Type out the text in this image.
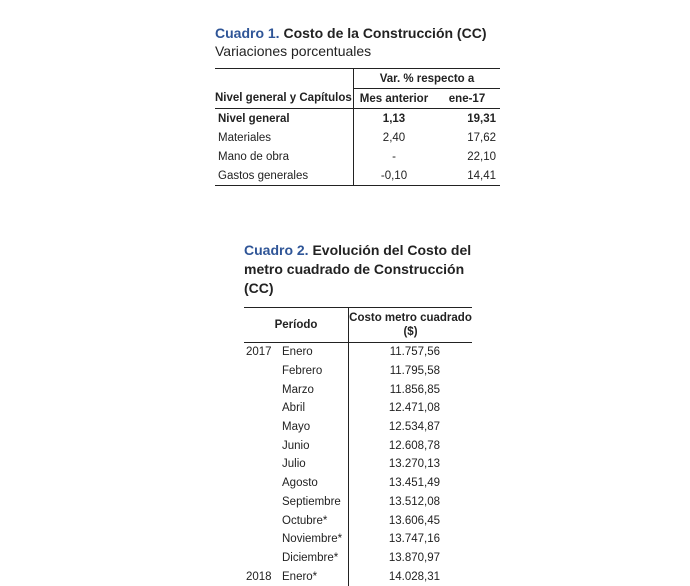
Cuadro 1. Costo de la Construcción (CC)
Variaciones porcentuales
	Var. % respecto a	
Nivel general y Capítulos	Mes anterior	ene-17
Nivel general	1,13	19,31
Materiales	2,40	17,62
Mano de obra	-	22,10
Gastos generales	-0,10	14,41
Cuadro 2. Evolución del Costo del
metro cuadrado de Construcción (CC)
Período		Costo metro cuadrado
($)
2017	Enero	11.757,56
	Febrero	11.795,58
	Marzo	11.856,85
	Abril	12.471,08
	Mayo	12.534,87
	Junio	12.608,78
	Julio	13.270,13
	Agosto	13.451,49
	Septiembre	13.512,08
	Octubre*	13.606,45
	Noviembre*	13.747,16
	Diciembre*	13.870,97
2018	Enero*	14.028,31
